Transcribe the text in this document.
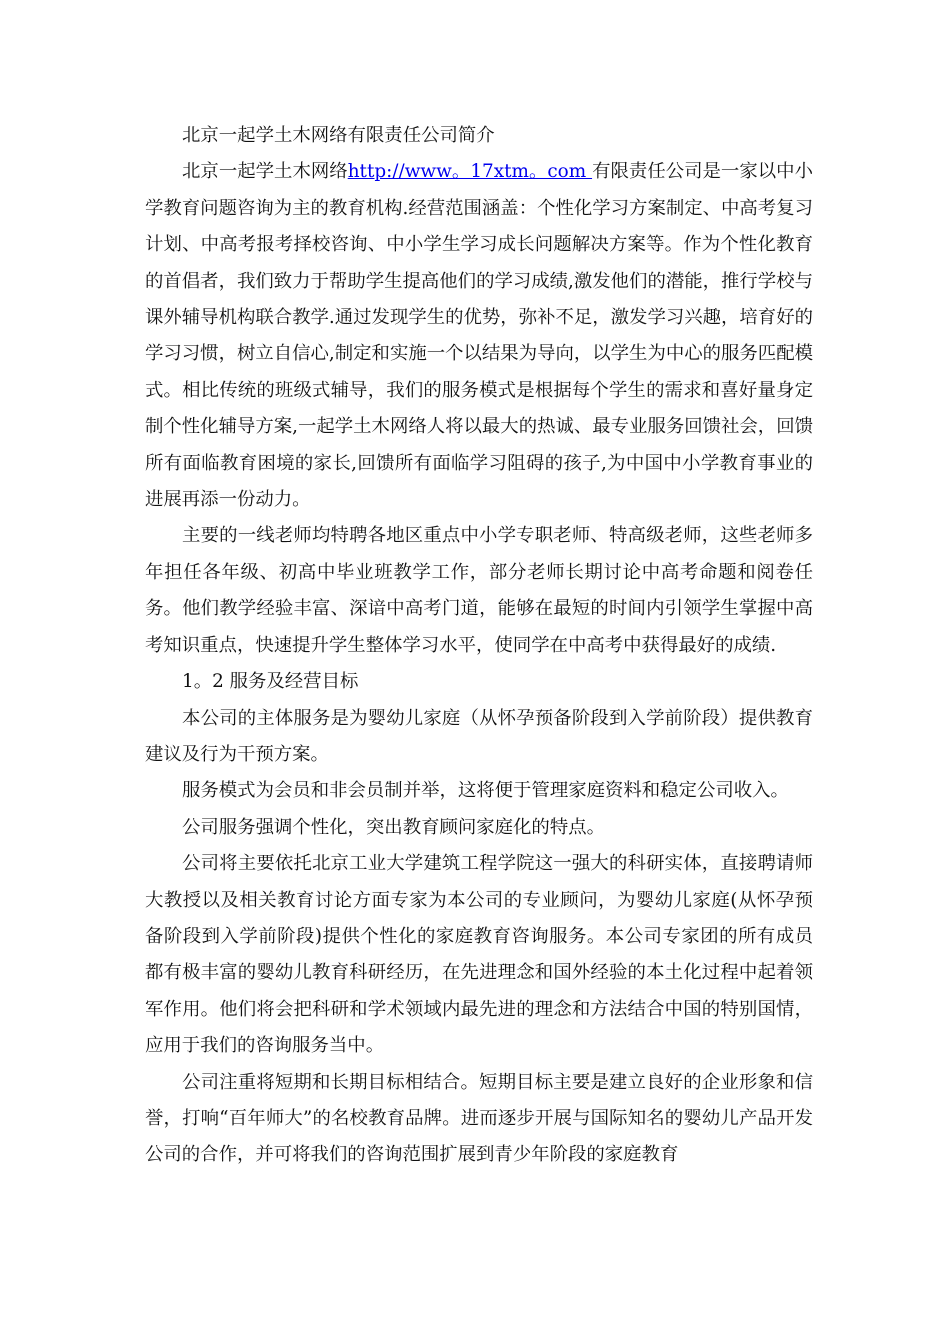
北京一起学土木网络有限责任公司简介

北京一起学土木网络http://www。17xtm。com 有限责任公司是一家以中小学教育问题咨询为主的教育机构.经营范围涵盖：个性化学习方案制定、中高考复习计划、中高考报考择校咨询、中小学生学习成长问题解决方案等。作为个性化教育的首倡者，我们致力于帮助学生提高他们的学习成绩,激发他们的潜能，推行学校与课外辅导机构联合教学.通过发现学生的优势，弥补不足，激发学习兴趣，培育好的学习习惯，树立自信心,制定和实施一个以结果为导向，以学生为中心的服务匹配模式。相比传统的班级式辅导，我们的服务模式是根据每个学生的需求和喜好量身定制个性化辅导方案,一起学土木网络人将以最大的热诚、最专业服务回馈社会，回馈所有面临教育困境的家长,回馈所有面临学习阻碍的孩子,为中国中小学教育事业的进展再添一份动力。

主要的一线老师均特聘各地区重点中小学专职老师、特高级老师，这些老师多年担任各年级、初高中毕业班教学工作，部分老师长期讨论中高考命题和阅卷任务。他们教学经验丰富、深谙中高考门道，能够在最短的时间内引领学生掌握中高考知识重点，快速提升学生整体学习水平，使同学在中高考中获得最好的成绩.

1。2 服务及经营目标

本公司的主体服务是为婴幼儿家庭（从怀孕预备阶段到入学前阶段）提供教育建议及行为干预方案。

服务模式为会员和非会员制并举，这将便于管理家庭资料和稳定公司收入。

公司服务强调个性化，突出教育顾问家庭化的特点。

公司将主要依托北京工业大学建筑工程学院这一强大的科研实体，直接聘请师大教授以及相关教育讨论方面专家为本公司的专业顾问，为婴幼儿家庭(从怀孕预备阶段到入学前阶段)提供个性化的家庭教育咨询服务。本公司专家团的所有成员都有极丰富的婴幼儿教育科研经历，在先进理念和国外经验的本土化过程中起着领军作用。他们将会把科研和学术领域内最先进的理念和方法结合中国的特别国情，应用于我们的咨询服务当中。

公司注重将短期和长期目标相结合。短期目标主要是建立良好的企业形象和信誉，打响“百年师大”的名校教育品牌。进而逐步开展与国际知名的婴幼儿产品开发公司的合作，并可将我们的咨询范围扩展到青少年阶段的家庭教育
